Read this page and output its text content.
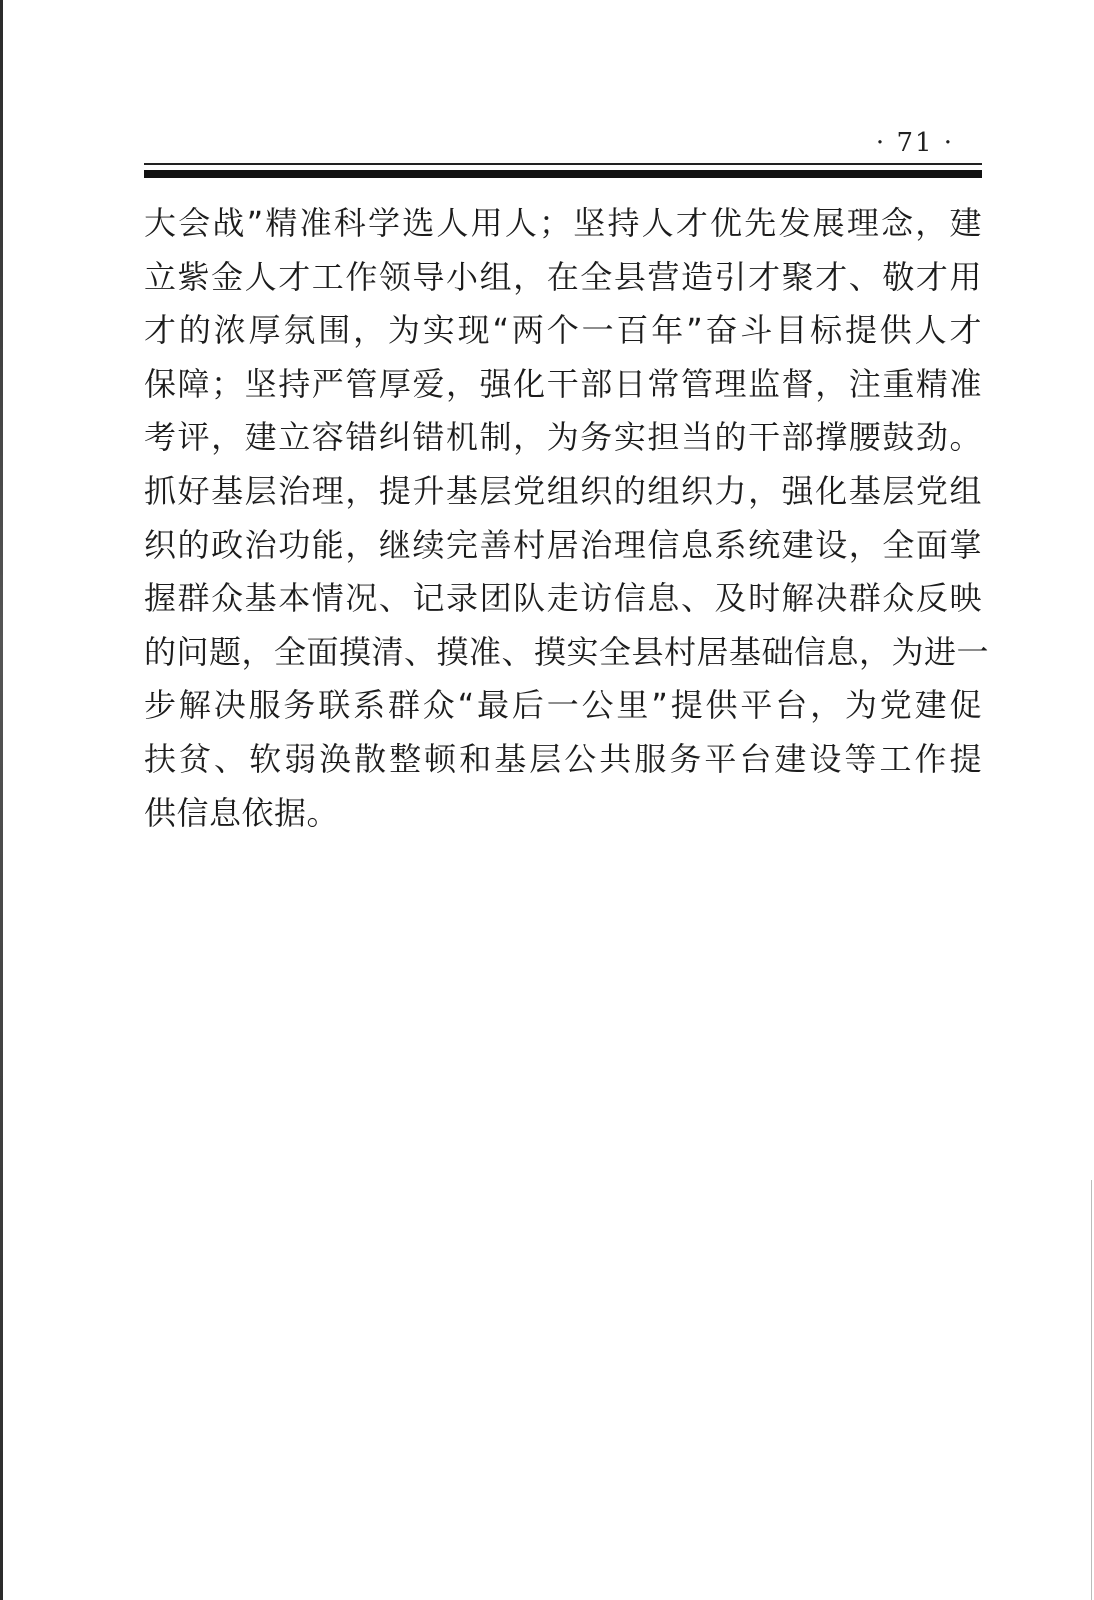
· 71 ·
大会战”精准科学选人用人；坚持人才优先发展理念，建
立紫金人才工作领导小组，在全县营造引才聚才、敬才用
才的浓厚氛围，为实现“两个一百年”奋斗目标提供人才
保障；坚持严管厚爱，强化干部日常管理监督，注重精准
考评，建立容错纠错机制，为务实担当的干部撑腰鼓劲。
抓好基层治理，提升基层党组织的组织力，强化基层党组
织的政治功能，继续完善村居治理信息系统建设，全面掌
握群众基本情况、记录团队走访信息、及时解决群众反映
的问题，全面摸清、摸准、摸实全县村居基础信息，为进一
步解决服务联系群众“最后一公里”提供平台，为党建促
扶贫、软弱涣散整顿和基层公共服务平台建设等工作提
供信息依据。
